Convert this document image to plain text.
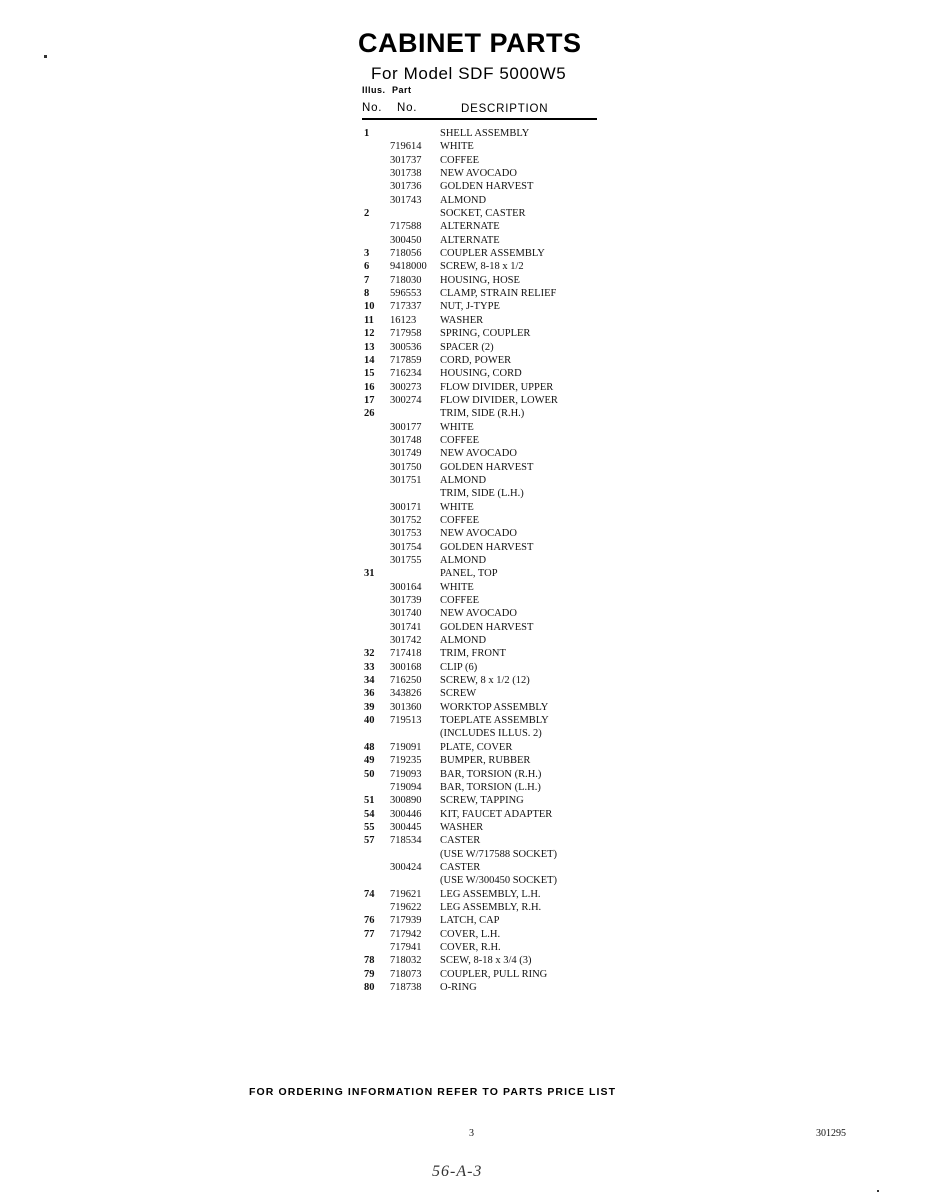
CABINET PARTS
For Model SDF 5000W5
Illus. Part
No. No.	DESCRIPTION
1	SHELL ASSEMBLY
719614	WHITE
301737	COFFEE
301738	NEW AVOCADO
301736	GOLDEN HARVEST
301743	ALMOND
2	SOCKET, CASTER
717588	ALTERNATE
300450	ALTERNATE
3	718056	COUPLER ASSEMBLY
6	9418000	SCREW, 8-18 x 1/2
7	718030	HOUSING, HOSE
8	596553	CLAMP, STRAIN RELIEF
10	717337	NUT, J-TYPE
11	16123	WASHER
12	717958	SPRING, COUPLER
13	300536	SPACER (2)
14	717859	CORD, POWER
15	716234	HOUSING, CORD
16	300273	FLOW DIVIDER, UPPER
17	300274	FLOW DIVIDER, LOWER
26	TRIM, SIDE (R.H.)
300177	WHITE
301748	COFFEE
301749	NEW AVOCADO
301750	GOLDEN HARVEST
301751	ALMOND
TRIM, SIDE (L.H.)
300171	WHITE
301752	COFFEE
301753	NEW AVOCADO
301754	GOLDEN HARVEST
301755	ALMOND
31	PANEL, TOP
300164	WHITE
301739	COFFEE
301740	NEW AVOCADO
301741	GOLDEN HARVEST
301742	ALMOND
32	717418	TRIM, FRONT
33	300168	CLIP (6)
34	716250	SCREW, 8 x 1/2 (12)
36	343826	SCREW
39	301360	WORKTOP ASSEMBLY
40	719513	TOEPLATE ASSEMBLY
(INCLUDES ILLUS. 2)
48	719091	PLATE, COVER
49	719235	BUMPER, RUBBER
50	719093	BAR, TORSION (R.H.)
719094	BAR, TORSION (L.H.)
51	300890	SCREW, TAPPING
54	300446	KIT, FAUCET ADAPTER
55	300445	WASHER
57	718534	CASTER
(USE W/717588 SOCKET)
300424	CASTER
(USE W/300450 SOCKET)
74	719621	LEG ASSEMBLY, L.H.
719622	LEG ASSEMBLY, R.H.
76	717939	LATCH, CAP
77	717942	COVER, L.H.
717941	COVER, R.H.
78	718032	SCEW, 8-18 x 3/4 (3)
79	718073	COUPLER, PULL RING
80	718738	O-RING
FOR ORDERING INFORMATION REFER TO PARTS PRICE LIST
3	301295
56-A-3
